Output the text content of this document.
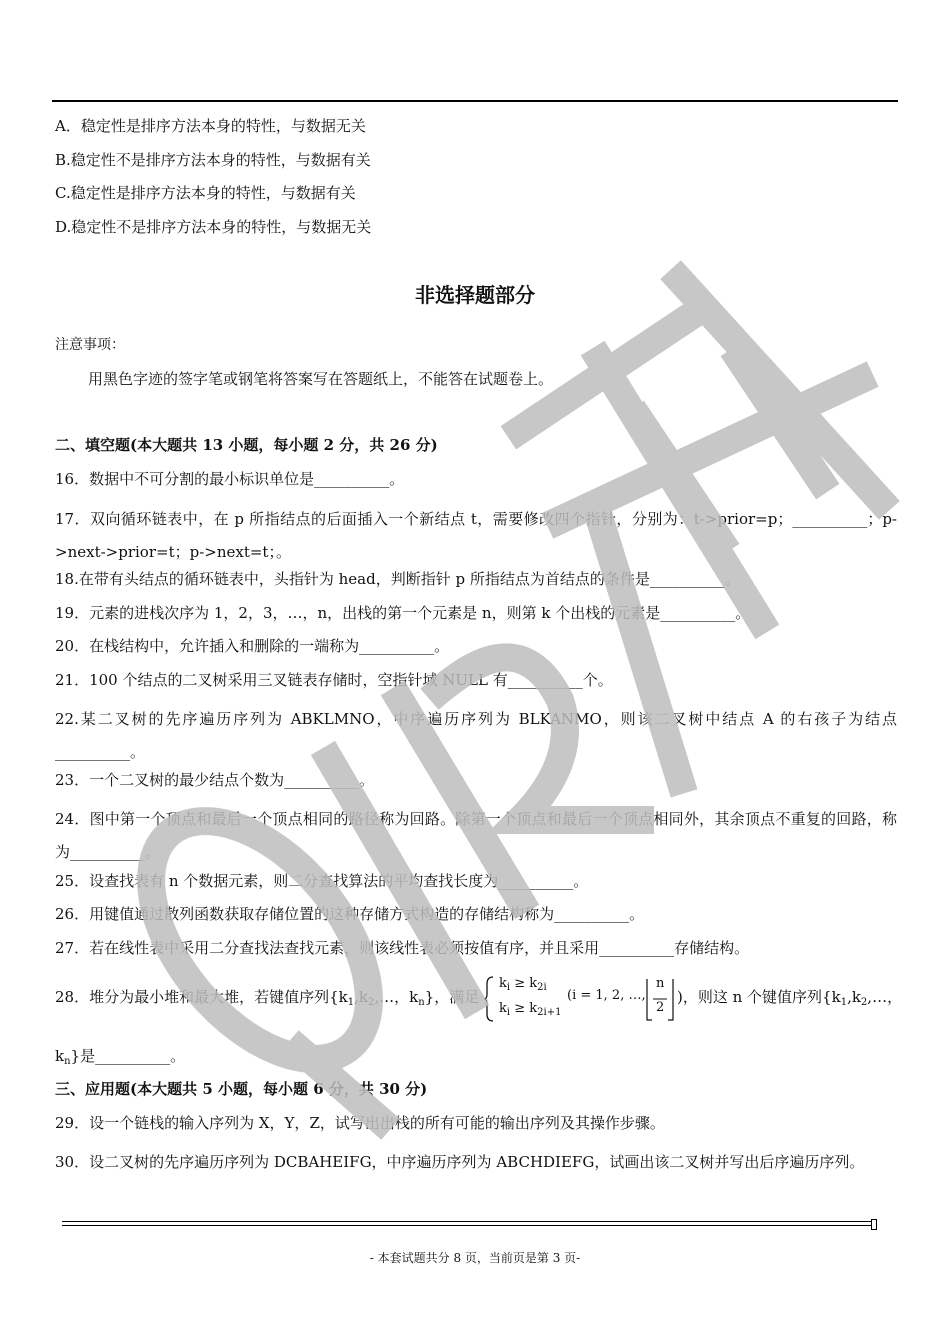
A．稳定性是排序方法本身的特性，与数据无关
B.稳定性不是排序方法本身的特性，与数据有关
C.稳定性是排序方法本身的特性，与数据有关
D.稳定性不是排序方法本身的特性，与数据无关
非选择题部分
注意事项：
用黑色字迹的签字笔或钢笔将答案写在答题纸上，不能答在试题卷上。
二、填空题(本大题共 13 小题，每小题 2 分，共 26 分)
16．数据中不可分割的最小标识单位是__________。
17．双向循环链表中，在 p 所指结点的后面插入一个新结点 t，需要修改四个指针，分别为：t->prior=p；__________；p->next->prior=t；p->next=t；。
18.在带有头结点的循环链表中，头指针为 head，判断指针 p 所指结点为首结点的条件是__________。
19．元素的进栈次序为 1，2，3，…，n，出栈的第一个元素是 n，则第 k 个出栈的元素是__________。
20．在栈结构中，允许插入和删除的一端称为__________。
21．100 个结点的二叉树采用三叉链表存储时，空指针域 NULL 有__________个。
22.某二叉树的先序遍历序列为 ABKLMNO，中序遍历序列为 BLKANMO，则该二叉树中结点 A 的右孩子为结点__________。
23．一个二叉树的最少结点个数为__________。
24．图中第一个顶点和最后一个顶点相同的路径称为回路。除第一个顶点和最后一个顶点相同外，其余顶点不重复的回路，称为__________。
25．设查找表有 n 个数据元素，则二分查找算法的平均查找长度为__________。
26．用键值通过散列函数获取存储位置的这种存储方式构造的存储结构称为__________。
27．若在线性表中采用二分查找法查找元素，则该线性表必须按值有序，并且采用__________存储结构。
28．堆分为最小堆和最大堆，若键值序列{$k_1,k_2,\dots$，$k_n$}，满足
$k_i \ge k_{2i}$
$k_i \ge k_{2i+1}$
(i = 1, 2, …,
n
2
)，则这 n 个键值序列{$k_1,k_2,\dots$，
$k_n$}是__________。
三、应用题(本大题共 5 小题，每小题 6 分，共 30 分)
29．设一个链栈的输入序列为 X，Y，Z，试写出出栈的所有可能的输出序列及其操作步骤。
30．设二叉树的先序遍历序列为 DCBAHEIFG，中序遍历序列为 ABCHDIEFG，试画出该二叉树并写出后序遍历序列。
- 本套试题共分 8 页，当前页是第 3 页-
